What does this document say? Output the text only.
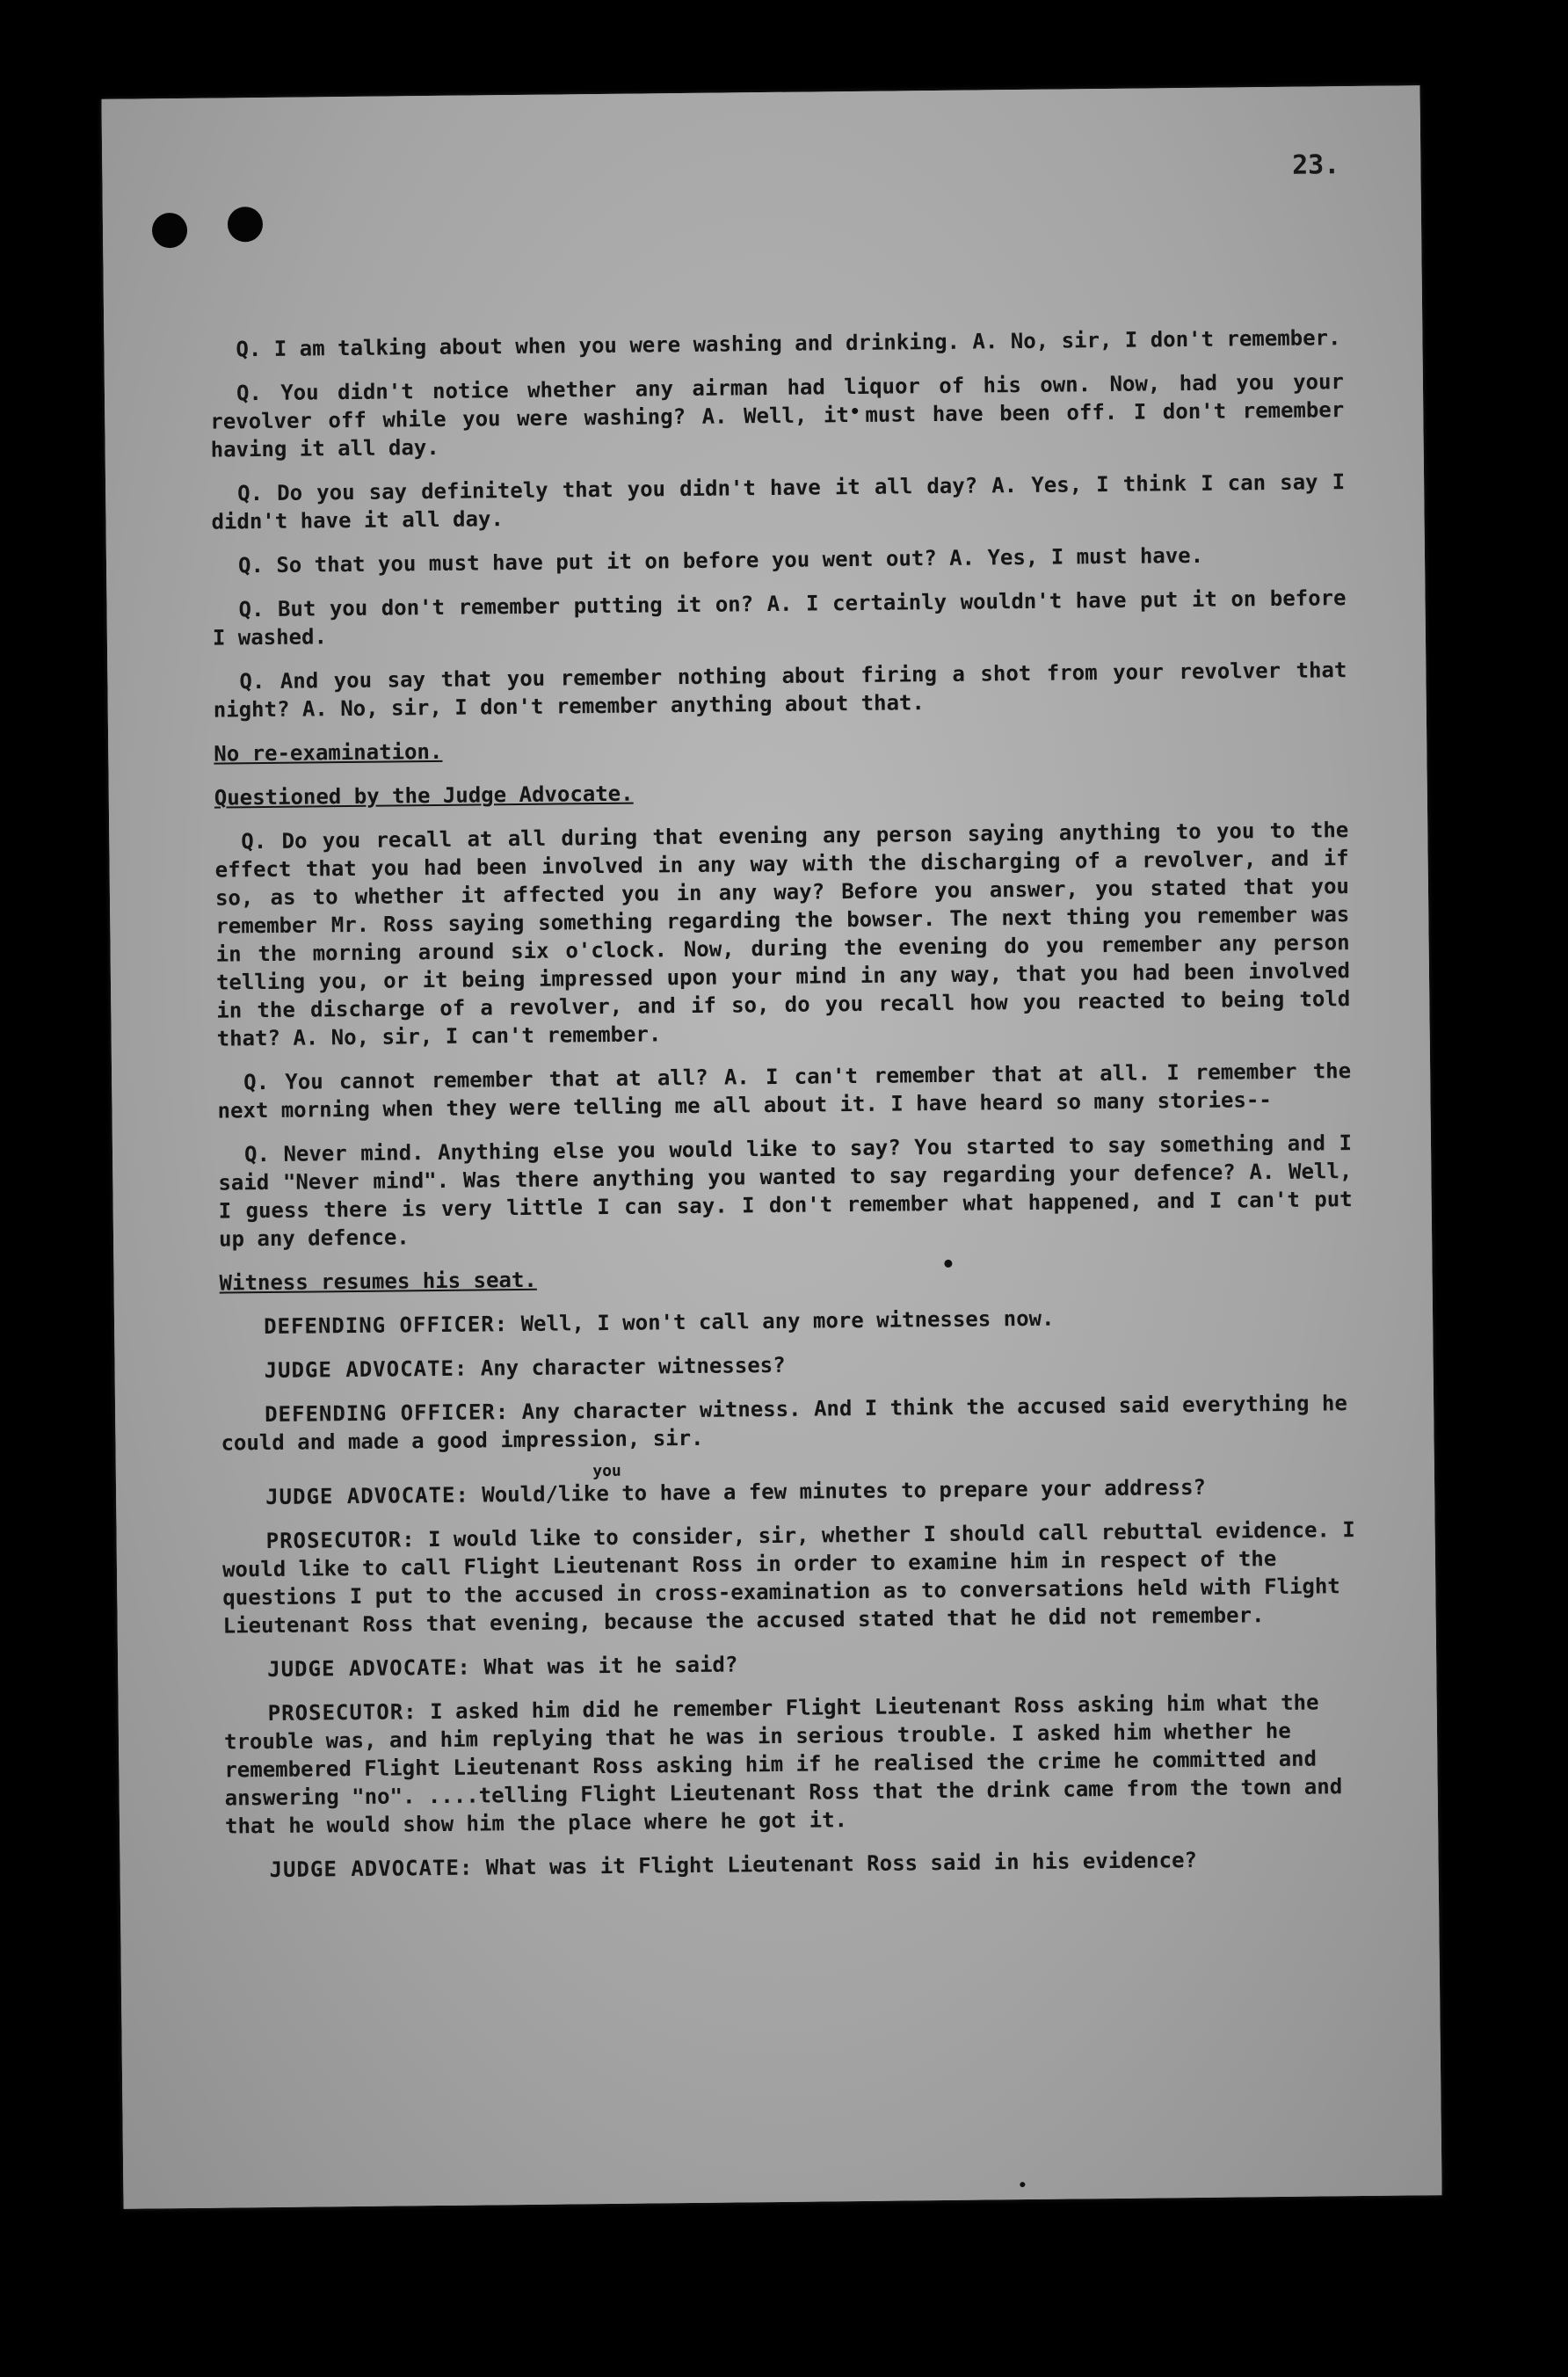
23.

Q. I am talking about when you were washing and drinking. A. No, sir, I don't remember.

Q. You didn't notice whether any airman had liquor of his own. Now, had you your revolver off while you were washing? A. Well, it must have been off. I don't remember having it all day.

Q. Do you say definitely that you didn't have it all day? A. Yes, I think I can say I didn't have it all day.

Q. So that you must have put it on before you went out? A. Yes, I must have.

Q. But you don't remember putting it on? A. I certainly wouldn't have put it on before I washed.

Q. And you say that you remember nothing about firing a shot from your revolver that night? A. No, sir, I don't remember anything about that.

No re-examination.

Questioned by the Judge Advocate.

Q. Do you recall at all during that evening any person saying anything to you to the effect that you had been involved in any way with the discharging of a revolver, and if so, as to whether it affected you in any way? Before you answer, you stated that you remember Mr. Ross saying something regarding the bowser. The next thing you remember was in the morning around six o'clock. Now, during the evening do you remember any person telling you, or it being impressed upon your mind in any way, that you had been involved in the discharge of a revolver, and if so, do you recall how you reacted to being told that? A. No, sir, I can't remember.

Q. You cannot remember that at all? A. I can't remember that at all. I remember the next morning when they were telling me all about it. I have heard so many stories--

Q. Never mind. Anything else you would like to say? You started to say something and I said "Never mind". Was there anything you wanted to say regarding your defence? A. Well, I guess there is very little I can say. I don't remember what happened, and I can't put up any defence.

Witness resumes his seat.

DEFENDING OFFICER: Well, I won't call any more witnesses now.

JUDGE ADVOCATE: Any character witnesses?

DEFENDING OFFICER: Any character witness. And I think the accused said everything he could and made a good impression, sir.

JUDGE ADVOCATE: Would
you
/like to have a few minutes to prepare your address?

PROSECUTOR: I would like to consider, sir, whether I should call rebuttal evidence. I would like to call Flight Lieutenant Ross in order to examine him in respect of the questions I put to the accused in cross-examination as to conversations held with Flight Lieutenant Ross that evening, because the accused stated that he did not remember.

JUDGE ADVOCATE: What was it he said?

PROSECUTOR: I asked him did he remember Flight Lieutenant Ross asking him what the trouble was, and him replying that he was in serious trouble. I asked him whether he remembered Flight Lieutenant Ross asking him if he realised the crime he committed and answering "no". ....telling Flight Lieutenant Ross that the drink came from the town and that he would show him the place where he got it.

JUDGE ADVOCATE: What was it Flight Lieutenant Ross said in his evidence?
